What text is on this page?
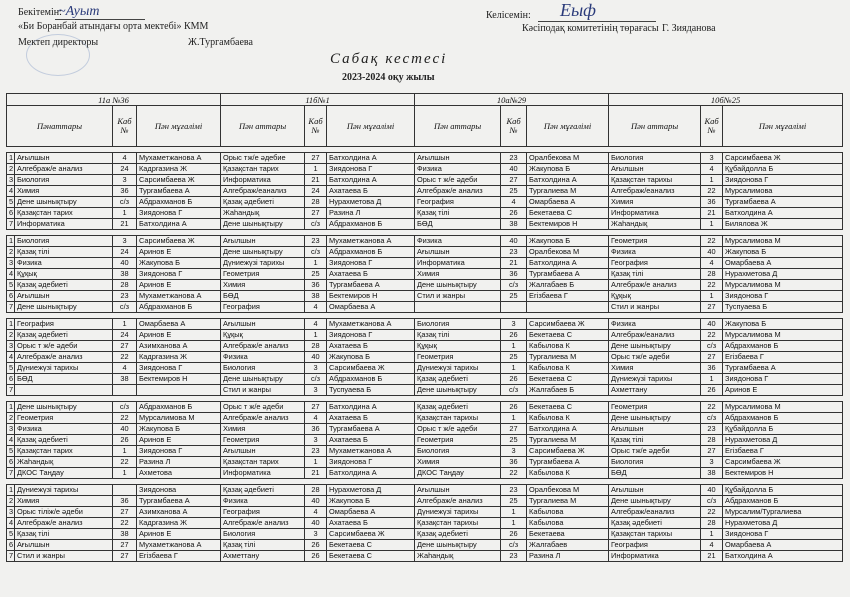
Бекітемін:
~Ауыт
«Би Боранбай атындағы орта мектебі» КММ
Мектеп директоры	Ж.Тургамбаева
Келісемін: Еыф
Кәсіподақ комитетінің төрағасы Г. Зияданова
Сабақ кестесі
2023-2024 оқу жылы
11а №36				11б№1			10а№29			10б№25		
Пәнаттары		Каб №	Пән мұғалімі	Пән аттары	Каб №	Пән мұғалімі	Пән аттары	Каб №	Пән мұғалімі	Пән аттары	Каб №	Пән мұғалімі

1	Ағылшын	4	Мухаметжанова А	Орыс тж/е әдебие	27	Батхолдина А	Ағылшын	23	Оралбекова М	Биология	3	Сарсимбаева Ж
2	Алгебраж/е анализ	24	Кадргазина Ж	Қазақстан тарих	1	Зиядонова Г	Физика	40	Жакупова Б	Ағылшын	4	Құбайдолла Б
3	Биология	3	Сарсимбаева Ж	Информатика	21	Батхолдина А	Орыс т ж/е әдеби	27	Батхолдина А	Қазақстан тарихы	1	Зиядонова Г
4	Химия	36	Тургамбаева А	Алгебраж/еанализ	24	Ахатаева Б	Алгебраж/е анализ	25	Тургалиева М	Алгебраж/еанализ	22	Мурсалимова
5	Дене шынықтыру	с/з	Абдрахманов Б	Қазақ әдебиеті	28	Нурахметова Д	География	4	Омарбаева А	Химия	36	Тургамбаева А
6	Қазақстан тарих	1	Зиядонова Г	Жаһандық	27	Разина Л	Қазақ тілі	26	Бекетаева С	Информатика	21	Батхолдина А
7	Информатика	21	Батхолдина А	Дене шынықтыру	с/з	Абдрахманов Б	БӨД	38	Бектемиров Н	Жаһандық	1	Билялова Ж

1	Биология	3	Сарсимбаева Ж	Ағылшын	23	Мухаметжанова А	Физика	40	Жакупова Б	Геометрия	22	Мурсалимова М
2	Қазақ тілі	24	Аринов Е	Дене шынықтыру	с/з	Абдрахманов Б	Ағылшын	23	Оралбекова М	Физика	40	Жакупова Б
3	Физика	40	Жакупова Б	Дүниежүзі тарихы	1	Зиядонова Г	Информатика	21	Батхолдина А	География	4	Омарбаева А
4	Құқық	38	Зиядонова Г	Геометрия	25	Ахатаева Б	Химия	36	Тургамбаева А	Қазақ тілі	28	Нурахметова Д
5	Қазақ әдебиеті	28	Аринов Е	Химия	36	Тургамбаева А	Дене шынықтыру	с/з	Жалгабаев Б	Алгебраж/е анализ	22	Мурсалимова М
6	Ағылшын	23	Мухаметжанова А	БӨД	38	Бектемиров Н	Стил и жанры	25	Егізбаева Г	Құқық	1	Зиядонова Г
7	Дене шынықтыру	с/з	Абдрахманов Б	География	4	Омарбаева А				Стил и жанры	27	Туспуаева Б

1	География	1	Омарбаева А	Ағылшын	4	Мухаметжанова А	Биология	3	Сарсимбаева Ж	Физика	40	Жакупова Б
2	Қазақ әдебиеті	24	Аринов Е	Құқық	1	Зиядонова Г	Қазақ тілі	26	Бекетаева С	Алгебраж/еанализ	22	Мурсалимова М
3	Орыс т ж/е әдеби	27	Азимханова А	Алгебраж/е анализ	28	Ахатаева Б	Құқық	1	Кабылова К	Дене шынықтыру	с/з	Абдрахманов Б
4	Алгебраж/е анализ	22	Кадргазина Ж	Физика	40	Жакупова Б	Геометрия	25	Тургалиева М	Орыс тж/е әдеби	27	Егізбаева Г
5	Дүниежүзі тарихы	4	Зиядонова Г	Биология	3	Сарсимбаева Ж	Дүниежүзі тарихы	1	Кабылова К	Химия	36	Тургамбаева А
6	БӨД	38	Бектемиров Н	Дене шынықтыру	с/з	Абдрахманов Б	Қазақ әдебиеті	26	Бекетаева С	Дүниежүзі тарихы	1	Зиядонова Г
7				Стил и жанры	3	Туспуаева Б	Дене шынықтыру	с/з	Жалгабаев Б	Ахметтану	26	Аринов Е

1	Дене шынықтыру	с/з	Абдрахманов Б	Орыс т ж/е әдеби	27	Батхолдина А	Қазақ әдебиеті	26	Бекетаева С	Геометрия	22	Мурсалимова М
2	Геометрия	22	Мурсалимова М	Алгебраж/е анализ	4	Ахатаева Б	Қазақстан тарихы	1	Кабылова К	Дене шынықтыру	с/з	Абдрахманов Б
3	Физика	40	Жакупова Б	Химия	36	Тургамбаева А	Орыс т ж/е әдеби	27	Батхолдина А	Ағылшын	23	Құбайдолла Б
4	Қазақ әдебиеті	26	Аринов Е	Геометрия	3	Ахатаева Б	Геометрия	25	Тургалиева М	Қазақ тілі	28	Нурахметова Д
5	Қазақстан тарих	1	Зиядонова Г	Ағылшын	23	Мухаметжанова А	Биология	3	Сарсимбаева Ж	Орыс тж/е әдеби	27	Егізбаева Г
6	Жаһандық	22	Разина Л	Қазақстан тарих	1	Зиядонова Г	Химия	36	Тургамбаева А	Биология	3	Сарсимбаева Ж
7	ДКОС Таңдау	1	Ахметова	Информатика	21	Батхолдина А	ДКОС Таңдау	22	Кабылова К	БӨД	38	Бектемиров Н

1	Дүниежүзі тарихы		Зиядонова	Қазақ әдебиеті	28	Нурахметова Д	Ағылшын	23	Оралбекова М	Ағылшын	40	Құбайдолла Б
2	Химия	36	Тургамбаева А	Физика	40	Жакупова Б	Алгебраж/е анализ	25	Тургалиева М	Дене шынықтыру	с/з	Абдрахманов Б
3	Орыс тіліж/е әдеби	27	Азимханова А	География	4	Омарбаева А	Дүниежүзі тарихы	1	Кабылова	Алгебраж/еанализ	22	Мурсалим/Тургалиева
4	Алгебраж/е анализ	22	Кадргазина Ж	Алгебраж/е анализ	40	Ахатаева Б	Қазақстан тарихы	1	Кабылова	Қазақ әдебиеті	28	Нурахметова Д
5	Қазақ тілі	38	Аринов Е	Биология	3	Сарсимбаева Ж	Қазақ әдебиеті	26	Бекетаева	Қазақстан тарихы	1	Зиядонова Г
6	Ағылшын	27	Мухаметжанова А	Қазақ тілі	26	Бекетаева С	Дене шынықтыру	с/з	Жалгабаев	География	4	Омарбаева А
7	Стил и жанры	27	Егізбаева Г	Ахметтану	26	Бекетаева С	Жаһандық	23	Разина Л	Информатика	21	Батхолдина А
